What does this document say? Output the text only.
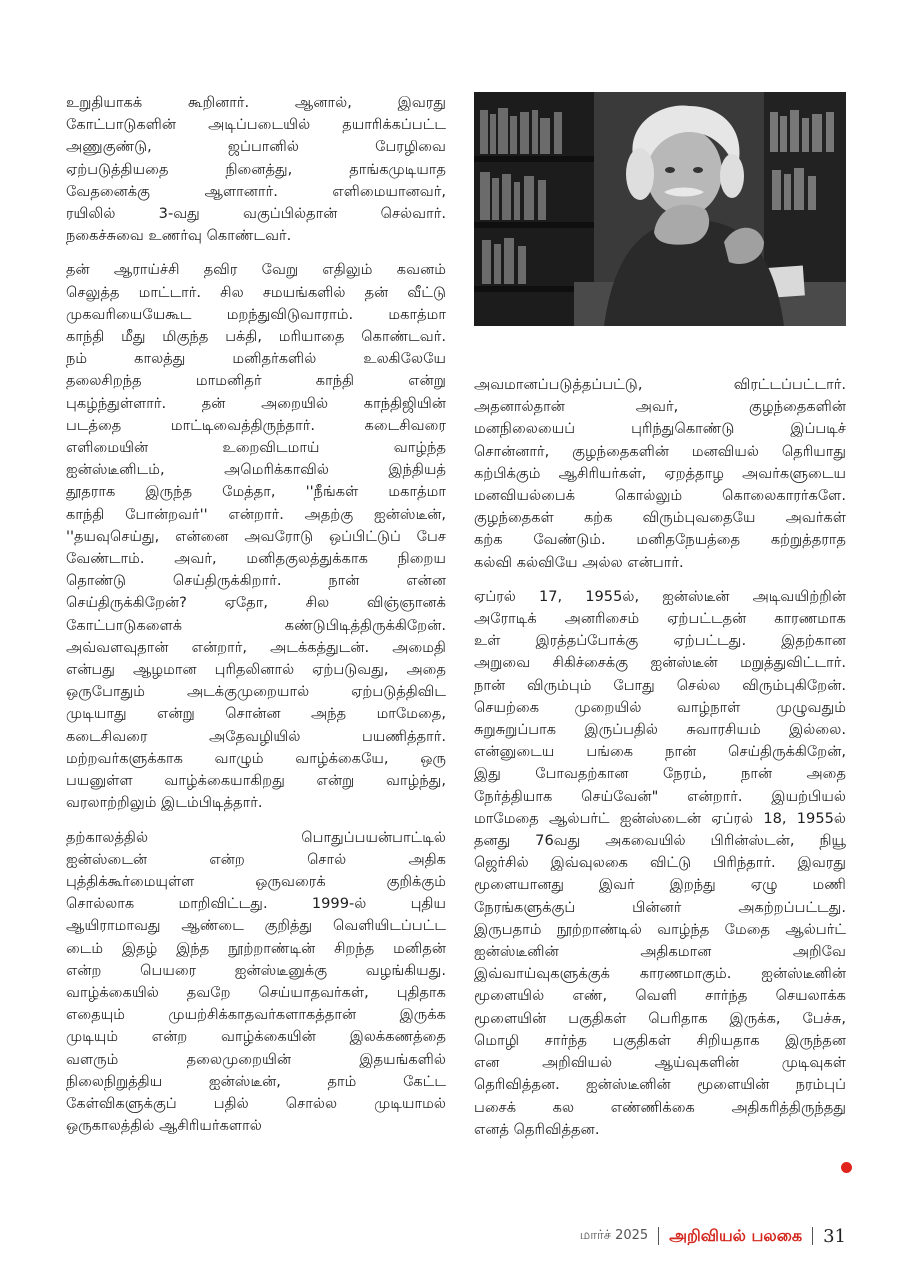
உறுதியாகக் கூறினார். ஆனால், இவரது
கோட்பாடுகளின் அடிப்படையில் தயாரிக்கப்பட்ட
அணுகுண்டு, ஜப்பானில் பேரழிவை
ஏற்படுத்தியதை நினைத்து, தாங்கமுடியாத
வேதனைக்கு ஆளானார். எளிமையானவர்,
ரயிலில் 3-வது வகுப்பில்தான் செல்வார்.
நகைச்சுவை உணர்வு கொண்டவர்.

தன் ஆராய்ச்சி தவிர வேறு எதிலும் கவனம்
செலுத்த மாட்டார். சில சமயங்களில் தன் வீட்டு
முகவரியையேகூட மறந்துவிடுவாராம். மகாத்மா
காந்தி மீது மிகுந்த பக்தி, மரியாதை கொண்டவர்.
நம் காலத்து மனிதர்களில் உலகிலேயே
தலைசிறந்த மாமனிதர் காந்தி என்று
புகழ்ந்துள்ளார். தன் அறையில் காந்திஜியின்
படத்தை மாட்டிவைத்திருந்தார். கடைசிவரை
எளிமையின் உறைவிடமாய் வாழ்ந்த
ஐன்ஸ்டீனிடம், அமெரிக்காவில் இந்தியத்
தூதராக இருந்த மேத்தா, ''நீங்கள் மகாத்மா
காந்தி போன்றவர்'' என்றார். அதற்கு ஐன்ஸ்டீன்,
''தயவுசெய்து, என்னை அவரோடு ஒப்பிட்டுப் பேச
வேண்டாம். அவர், மனிதகுலத்துக்காக நிறைய
தொண்டு செய்திருக்கிறார். நான் என்ன
செய்திருக்கிறேன்? ஏதோ, சில விஞ்ஞானக்
கோட்பாடுகளைக் கண்டுபிடித்திருக்கிறேன்.
அவ்வளவுதான் என்றார், அடக்கத்துடன். அமைதி
என்பது ஆழமான புரிதலினால் ஏற்படுவது, அதை
ஒருபோதும் அடக்குமுறையால் ஏற்படுத்திவிட
முடியாது என்று சொன்ன அந்த மாமேதை,
கடைசிவரை அதேவழியில் பயணித்தார்.
மற்றவர்களுக்காக வாழும் வாழ்க்கையே, ஒரு
பயனுள்ள வாழ்க்கையாகிறது என்று வாழ்ந்து,
வரலாற்றிலும் இடம்பிடித்தார்.

தற்காலத்தில் பொதுப்பயன்பாட்டில்
ஐன்ஸ்டைன் என்ற சொல் அதிக
புத்திக்கூர்மையுள்ள ஒருவரைக் குறிக்கும்
சொல்லாக மாறிவிட்டது. 1999-ல் புதிய
ஆயிராமாவது ஆண்டை குறித்து வெளியிடப்பட்ட
டைம் இதழ் இந்த நூற்றாண்டின் சிறந்த மனிதன்
என்ற பெயரை ஐன்ஸ்டீனுக்கு வழங்கியது.
வாழ்க்கையில் தவறே செய்யாதவர்கள், புதிதாக
எதையும் முயற்சிக்காதவர்களாகத்தான் இருக்க
முடியும் என்ற வாழ்க்கையின் இலக்கணத்தை
வளரும் தலைமுறையின் இதயங்களில்
நிலைநிறுத்திய ஐன்ஸ்டீன், தாம் கேட்ட
கேள்விகளுக்குப் பதில் சொல்ல முடியாமல்
ஒருகாலத்தில் ஆசிரியர்களால்

அவமானப்படுத்தப்பட்டு, விரட்டப்பட்டார்.
அதனால்தான் அவர், குழந்தைகளின்
மனநிலையைப் புரிந்துகொண்டு இப்படிச்
சொன்னார், குழந்தைகளின் மனவியல் தெரியாது
கற்பிக்கும் ஆசிரியர்கள், ஏறத்தாழ அவர்களுடைய
மனவியல்பைக் கொல்லும் கொலைகாரர்களே.
குழந்தைகள் கற்க விரும்புவதையே அவர்கள்
கற்க வேண்டும். மனிதநேயத்தை கற்றுத்தராத
கல்வி கல்வியே அல்ல என்பார்.

ஏப்ரல் 17, 1955ல், ஐன்ஸ்டீன் அடிவயிற்றின்
அரோடிக் அனரிசைம் ஏற்பட்டதன் காரணமாக
உள் இரத்தப்போக்கு ஏற்பட்டது. இதற்கான
அறுவை சிகிச்சைக்கு ஐன்ஸ்டீன் மறுத்துவிட்டார்.
நான் விரும்பும் போது செல்ல விரும்புகிறேன்.
செயற்கை முறையில் வாழ்நாள் முழுவதும்
சுறுசுறுப்பாக இருப்பதில் சுவாரசியம் இல்லை.
என்னுடைய பங்கை நான் செய்திருக்கிறேன்,
இது போவதற்கான நேரம், நான் அதை
நேர்த்தியாக செய்வேன்" என்றார். இயற்பியல்
மாமேதை ஆல்பர்ட் ஐன்ஸ்டைன் ஏப்ரல் 18, 1955ல்
தனது 76வது அகவையில் பிரின்ஸ்டன், நியூ
ஜெர்சில் இவ்வுலகை விட்டு பிரிந்தார். இவரது
மூளையானது இவர் இறந்து ஏழு மணி
நேரங்களுக்குப் பின்னர் அகற்றப்பட்டது.
இருபதாம் நூற்றாண்டில் வாழ்ந்த மேதை ஆல்பர்ட்
ஐன்ஸ்டீனின் அதிகமான அறிவே
இவ்வாய்வுகளுக்குக் காரணமாகும். ஐன்ஸ்டீனின்
மூளையில் எண், வெளி சார்ந்த செயலாக்க
மூளையின் பகுதிகள் பெரிதாக இருக்க, பேச்சு,
மொழி சார்ந்த பகுதிகள் சிறியதாக இருந்தன
என அறிவியல் ஆய்வுகளின் முடிவுகள்
தெரிவித்தன. ஐன்ஸ்டீனின் மூளையின் நரம்புப்
பசைக் கல எண்ணிக்கை அதிகரித்திருந்தது
எனத் தெரிவித்தன.

மார்ச் 2025 அறிவியல் பலகை 31
